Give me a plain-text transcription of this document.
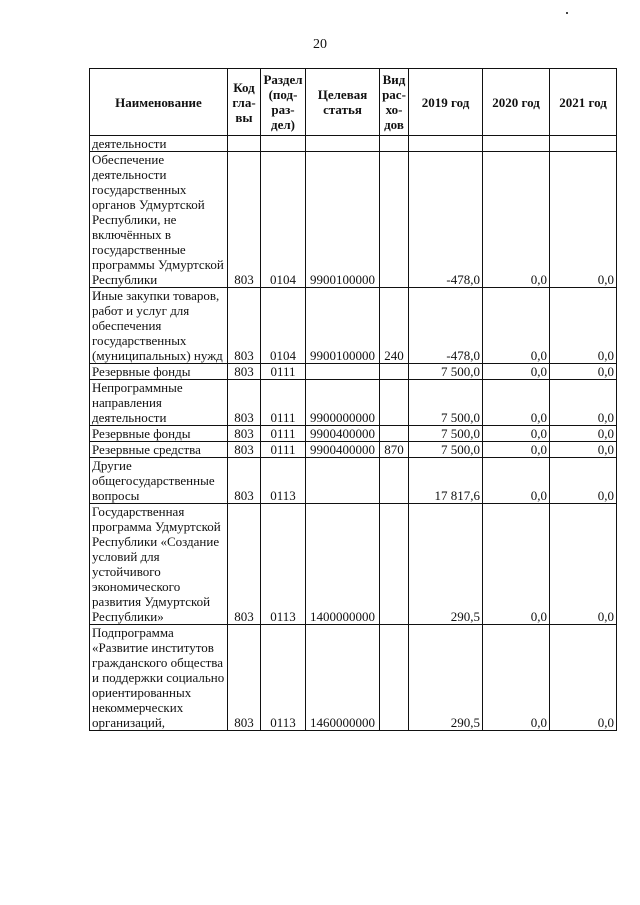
20
Наименование	Код гла-вы	Раздел (под-раз-дел)	Целевая статья	Вид рас-хо-дов	2019 год	2020 год	2021 год
деятельности							
Обеспечение деятельности государственных органов Удмуртской Республики, не включённых в государственные программы Удмуртской Республики	803	0104	9900100000		-478,0	0,0	0,0
Иные закупки товаров, работ и услуг для обеспечения государственных (муниципальных) нужд	803	0104	9900100000	240	-478,0	0,0	0,0
Резервные фонды	803	0111			7 500,0	0,0	0,0
Непрограммные направления деятельности	803	0111	9900000000		7 500,0	0,0	0,0
Резервные фонды	803	0111	9900400000		7 500,0	0,0	0,0
Резервные средства	803	0111	9900400000	870	7 500,0	0,0	0,0
Другие общегосударственные вопросы	803	0113			17 817,6	0,0	0,0
Государственная программа Удмуртской Республики «Создание условий для устойчивого экономического развития Удмуртской Республики»	803	0113	1400000000		290,5	0,0	0,0
Подпрограмма «Развитие институтов гражданского общества и поддержки социально ориентированных некоммерческих организаций,	803	0113	1460000000		290,5	0,0	0,0
